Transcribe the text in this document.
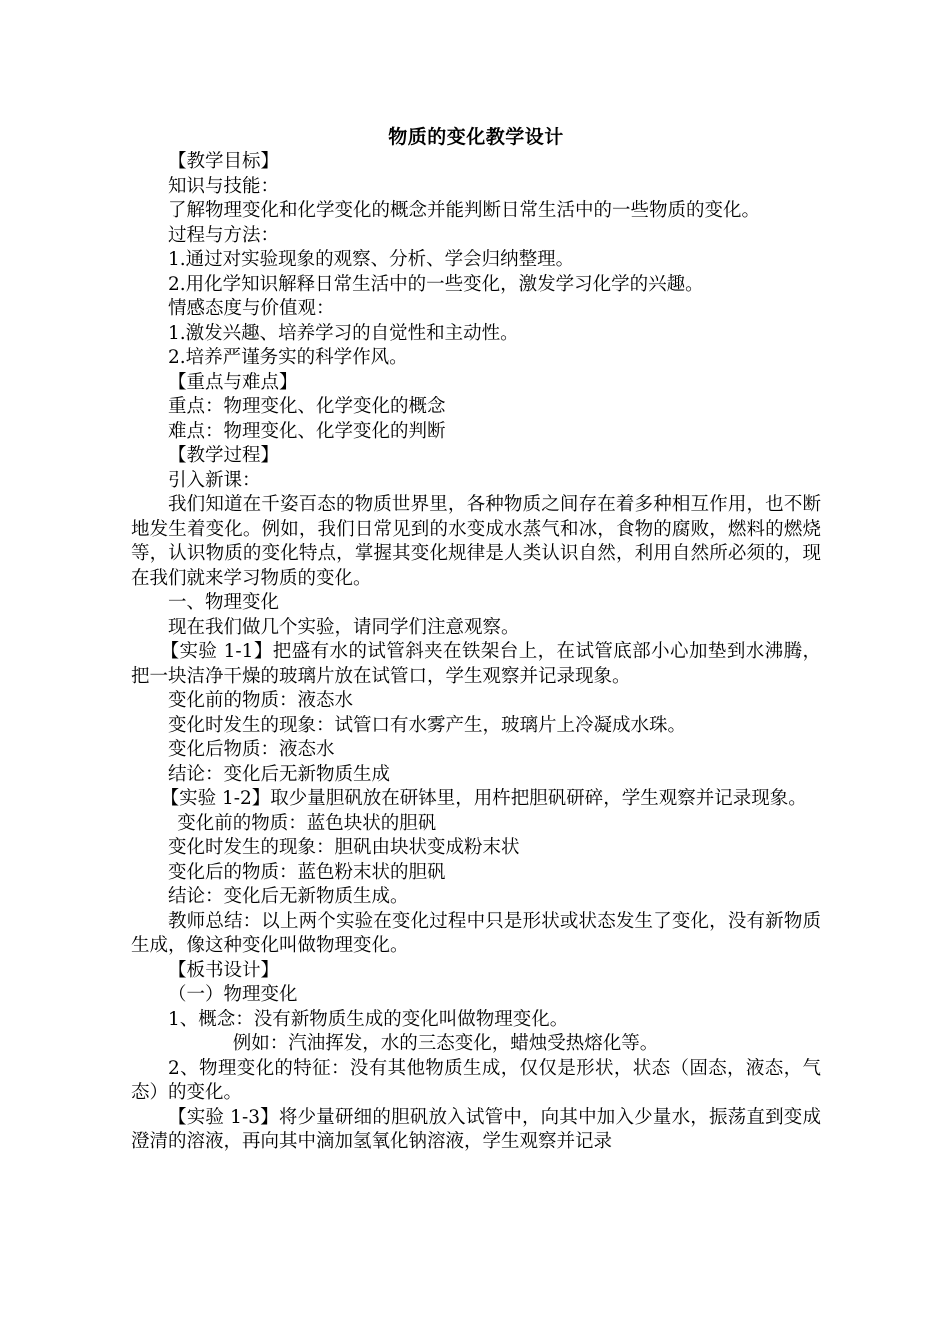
物质的变化教学设计

【教学目标】

知识与技能：

了解物理变化和化学变化的概念并能判断日常生活中的一些物质的变化。

过程与方法：

1.通过对实验现象的观察、分析、学会归纳整理。

2.用化学知识解释日常生活中的一些变化，激发学习化学的兴趣。

情感态度与价值观：

1.激发兴趣、培养学习的自觉性和主动性。

2.培养严谨务实的科学作风。

【重点与难点】

重点：物理变化、化学变化的概念

难点：物理变化、化学变化的判断

【教学过程】

引入新课：

我们知道在千姿百态的物质世界里，各种物质之间存在着多种相互作用，也不断地发生着变化。例如，我们日常见到的水变成水蒸气和冰，食物的腐败，燃料的燃烧等，认识物质的变化特点，掌握其变化规律是人类认识自然，利用自然所必须的，现在我们就来学习物质的变化。

一、物理变化

现在我们做几个实验，请同学们注意观察。

【实验 1-1】把盛有水的试管斜夹在铁架台上，在试管底部小心加垫到水沸腾，把一块洁净干燥的玻璃片放在试管口，学生观察并记录现象。

变化前的物质：液态水

变化时发生的现象：试管口有水雾产生，玻璃片上冷凝成水珠。

变化后物质：液态水

结论：变化后无新物质生成

【实验 1-2】取少量胆矾放在研钵里，用杵把胆矾研碎，学生观察并记录现象。

变化前的物质：蓝色块状的胆矾

变化时发生的现象：胆矾由块状变成粉末状

变化后的物质：蓝色粉末状的胆矾

结论：变化后无新物质生成。

教师总结：以上两个实验在变化过程中只是形状或状态发生了变化，没有新物质生成，像这种变化叫做物理变化。

【板书设计】

（一）物理变化

1、概念：没有新物质生成的变化叫做物理变化。

例如：汽油挥发，水的三态变化，蜡烛受热熔化等。

2、物理变化的特征：没有其他物质生成，仅仅是形状，状态（固态，液态，气态）的变化。

【实验 1-3】将少量研细的胆矾放入试管中，向其中加入少量水，振荡直到变成澄清的溶液，再向其中滴加氢氧化钠溶液，学生观察并记录
